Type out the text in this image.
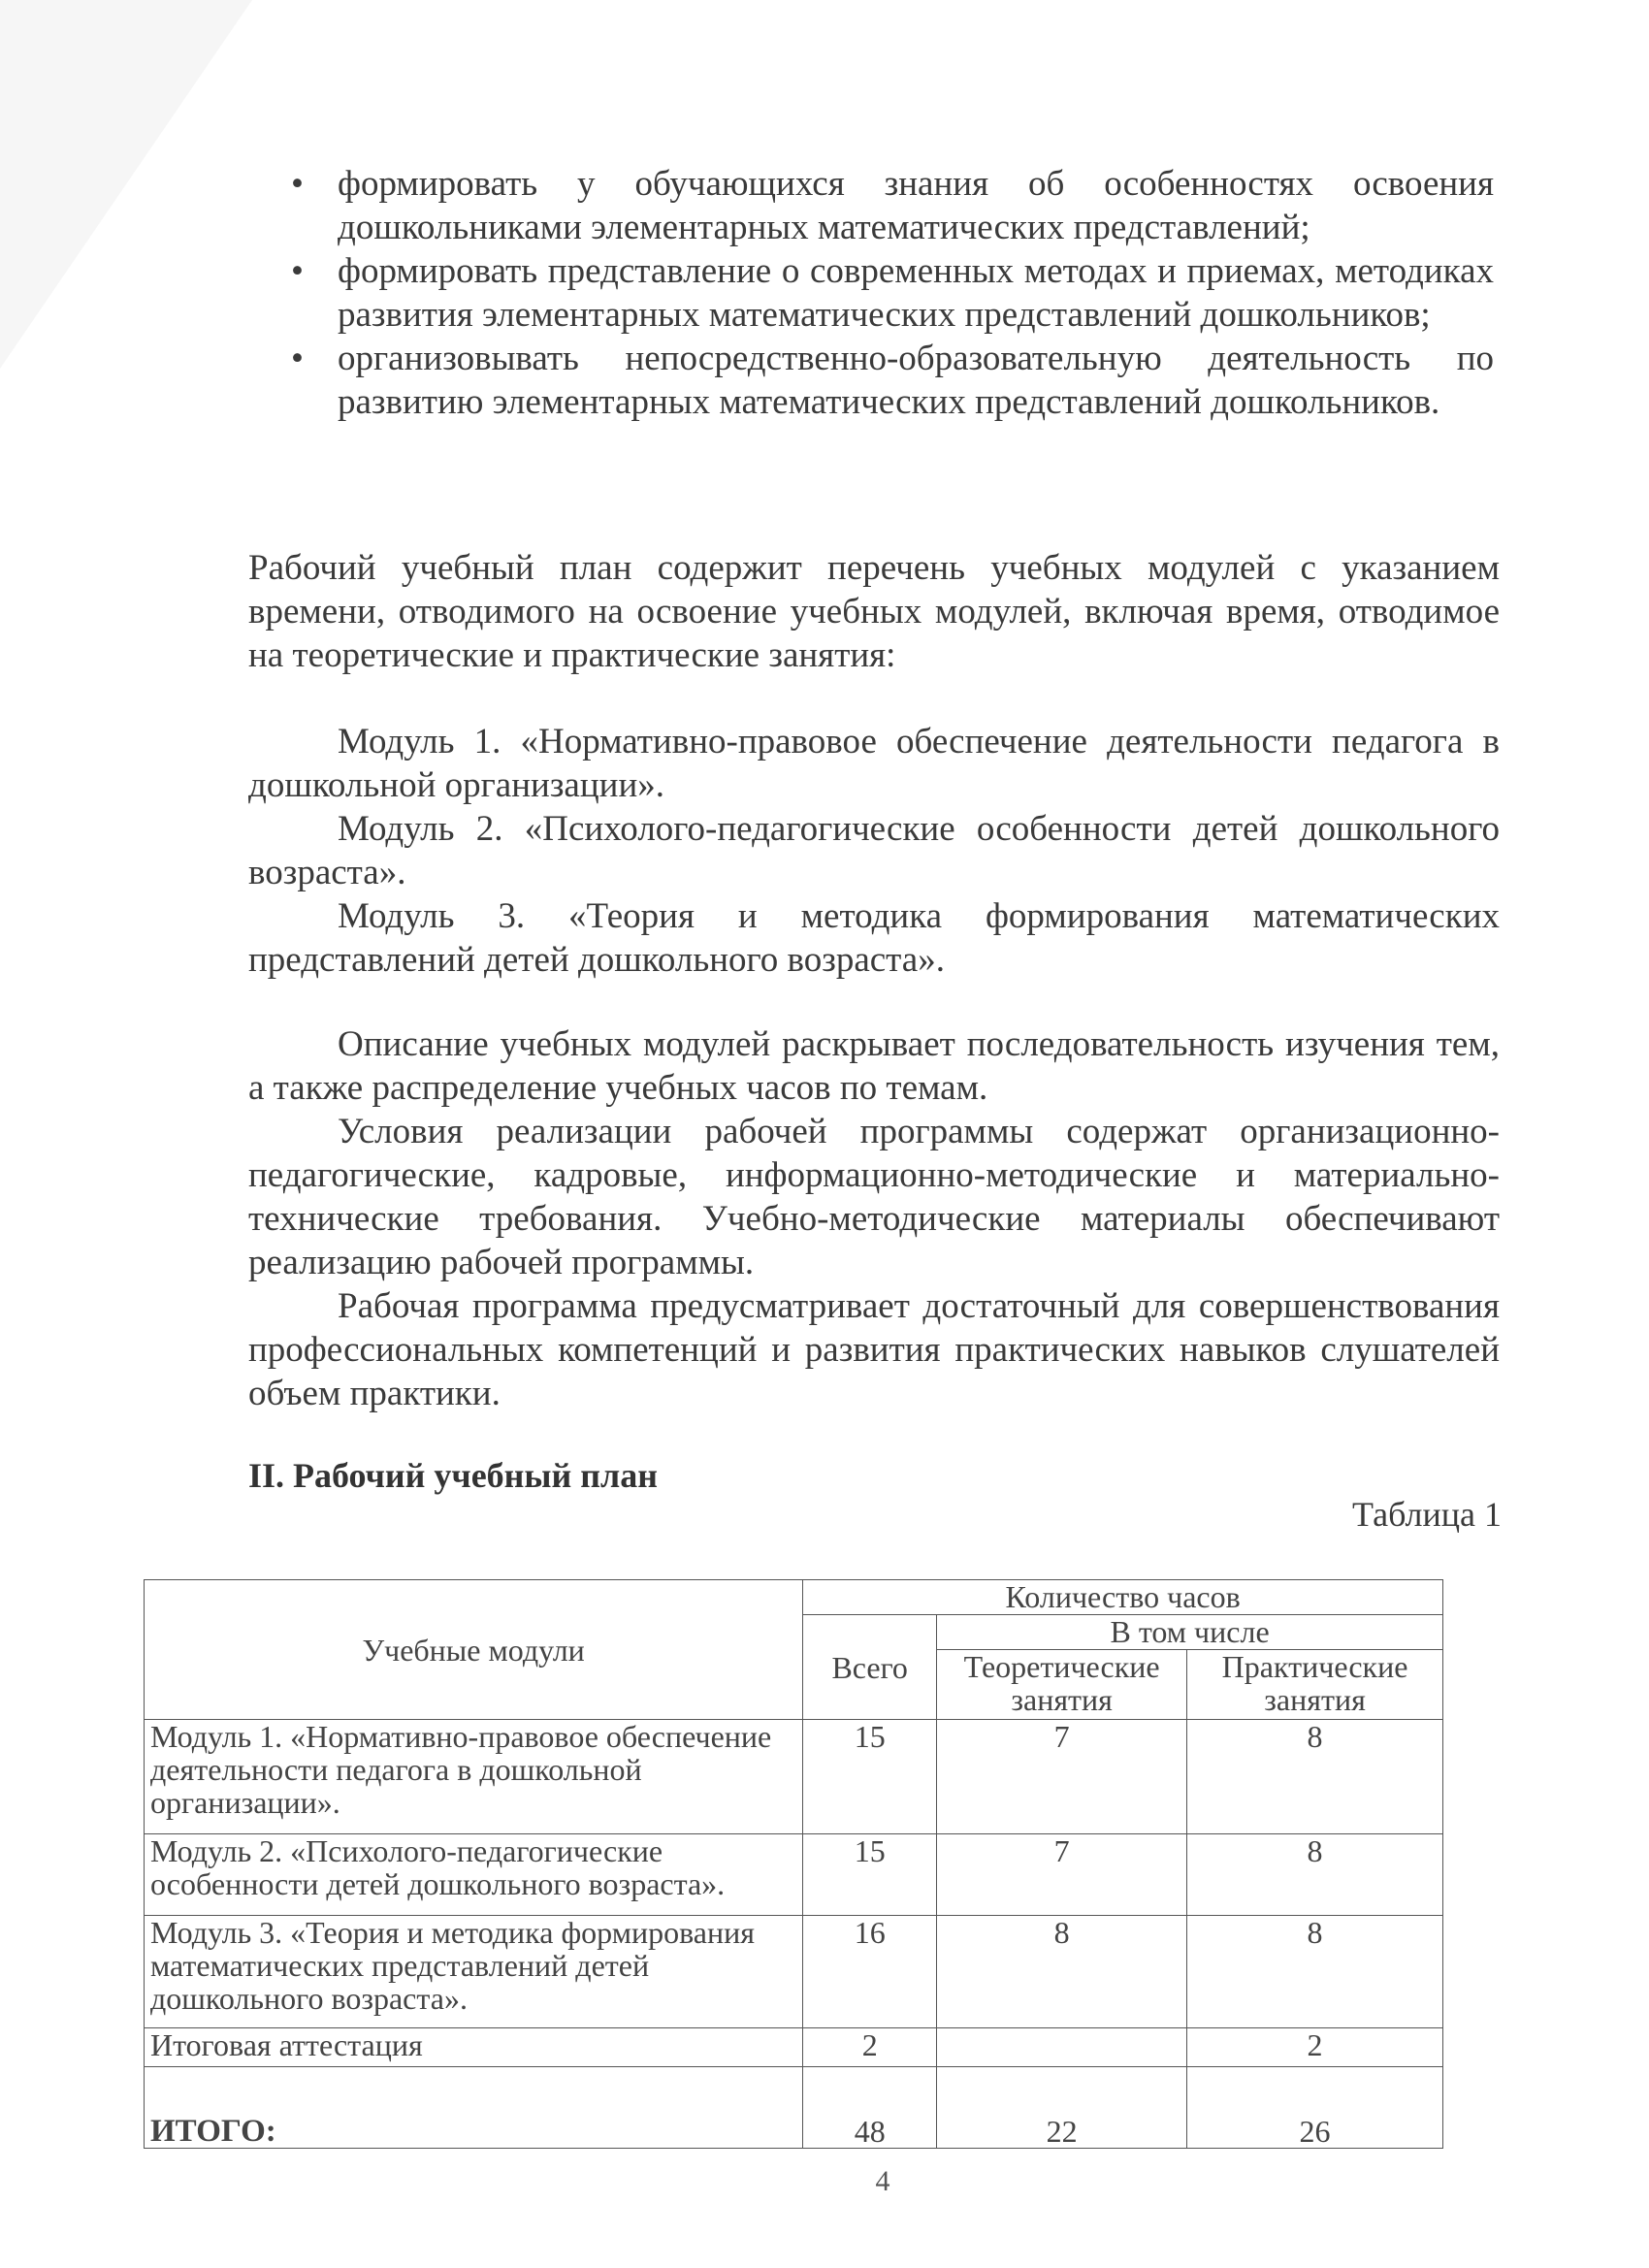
• формировать у обучающихся знания об особенностях освоения дошкольниками элементарных математических представлений;
• формировать представление о современных методах и приемах, методиках развития элементарных математических представлений дошкольников;
• организовывать непосредственно-образовательную деятельность по развитию элементарных математических представлений дошкольников.

Рабочий учебный план содержит перечень учебных модулей с указанием времени, отводимого на освоение учебных модулей, включая время, отводимое на теоретические и практические занятия:

Модуль 1. «Нормативно-правовое обеспечение деятельности педагога в дошкольной организации».

Модуль 2. «Психолого-педагогические особенности детей дошкольного возраста».

Модуль 3. «Теория и методика формирования математических представлений детей дошкольного возраста».

Описание учебных модулей раскрывает последовательность изучения тем, а также распределение учебных часов по темам.

Условия реализации рабочей программы содержат организационно-педагогические, кадровые, информационно-методические и материально-технические требования. Учебно-методические материалы обеспечивают реализацию рабочей программы.

Рабочая программа предусматривает достаточный для совершенствования профессиональных компетенций и развития практических навыков слушателей объем практики.

II. Рабочий учебный план

Таблица 1

Учебные модули	Количество часов		
	Всего	В том числе	
		Теоретические занятия	Практические занятия
Модуль 1. «Нормативно-правовое обеспечение деятельности педагога в дошкольной организации».	15	7	8
Модуль 2. «Психолого-педагогические особенности детей дошкольного возраста».	15	7	8
Модуль 3. «Теория и методика формирования математических представлений детей дошкольного возраста».	16	8	8
Итоговая аттестация	2		2
ИТОГО:	48	22	26
4
